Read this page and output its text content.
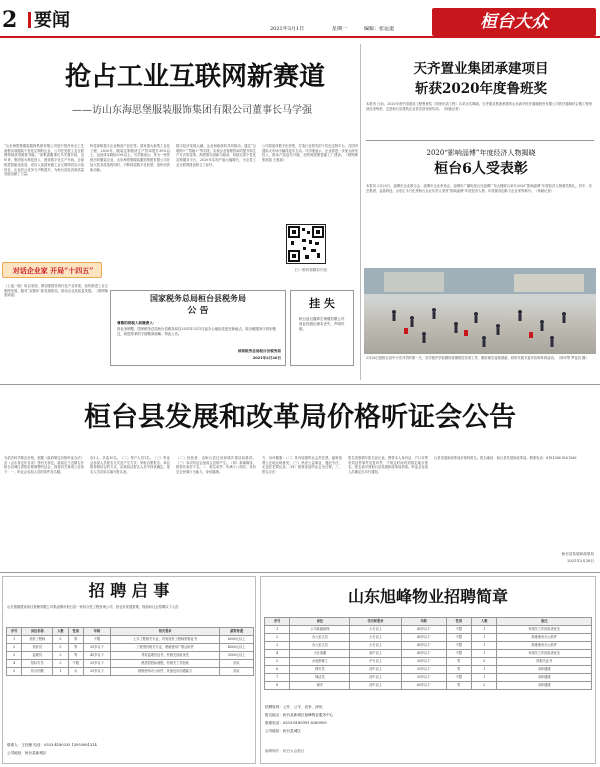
2 要闻	2021年3月1日	星期一	编辑：张运道	桓台大众
抢占工业互联网新赛道
——访山东海思堡服装服饰集团有限公司董事长马学强
“山东海思堡服装服饰集团有限公司是中国首家全工艺流程实现服装个性化定制的企业，公司在发展工业互联网领域获得重要突破。”该集团董事长马学强介绍，近年来，集团加大科技投入，建设数字化生产车间，全面推进智能化改造，成功入选国家级工业互联网试点示范项目，企业综合竞争力不断提升，为桓台县经济高质量发展贡献了力量。
科技部和数字企业制造产业化等。国家重大新型工业化工程、2020年，服装定制板块生产效率提升30%以上，运营成本降低20%以上。马学强表示，作为一家传统纺织服装企业，山东海思堡服装服饰集团有限公司在加大技术改造的同时，不断探索数字化转型，加快培育新动能。
数字经济发展大潮，企业和政府的共同推动，通过“互联网+”“智能+”等手段，实现企业管理效率的提升和生产方式的变革。海思堡以创新为驱动，持续完善个性化定制服务平台，2020年实现产值大幅增长，为全县工业互联网建设树立了标杆。
公司将加快数字化转型，打造行业领先的个性化定制平台，在国内国际大市场中赢得更多主动。马学强表示，企业将进一步加大研发投入，推动产品迭代升级，加快海思堡智能工厂建设。（联网师 张琼瑶 王惠瑶）
扫二维码看精彩内容
对话企业家 开局“十四五”
（上接一版）给以来面、紧加强建设现代化产业体系，加快推进工业互联网发展，服务“双循环”新发展格局，推动企业高质量发展。（联网师 张琼瑶）	国家税务总局桓台县税务局
公 告
尊敬的纳税人和缴费人：
因业务调整，国家税务总局桓台县税务局自2021年3月1日起办公地址变更至新地点，原办税服务厅同步搬迁，给您带来的不便敬请谅解。特此公告。
国家税务总局桓台县税务局
2021年2月26日
挂 失
桓台县巨鑫养生保健有限公司营业执照正副本丢失，声明作废。
天齐置业集团承建项目
斩获2020年度鲁班奖
本报讯 日前，2020年度中国建设工程鲁班奖（国家优质工程）名单正式揭晓。天齐置业集团承建的山东新华医疗器械股份有限公司医疗器械综合楼工程荣获此项殊荣，这是桓台县建筑企业首次获得该奖项。（杨颖记者）
2020“影响淄博”年度经济人物揭晓
桓台6人受表彰
本报讯 2月25日，淄博市企业联合会、淄博市企业家协会、淄博市广播电视台在淄博广电大楼联合举办2020“影响淄博”年度经济人物颁奖典礼。其中，东岳集团、金晶科技、山东汇丰石化等桓台企业负责人荣获“影响淄博”年度经济人物、年度最具创新力企业家等称号。（杨颖记者）
2月26日是桓台县中小学开学的第一天，各学校开学前做好疫情防控各项工作，做好师生返校准备，同时开展丰富多彩的体育活动。（杨可琴 罗佳音 摄）
桓台县发展和改革局价格听证会公告
为依法科学制定价格，根据《政府制定价格听证办法》及《山东省定价目录》等有关规定，我局定于近期召开桓台县城区供热价格调整听证会，现将有关事项公告如下：一、听证会参加人员的条件及名额。
各1人，共选10名。（二）每户人员1名。（三）听证会参加人员报名方式及产生方式：采取自愿报名、单位推荐相结合的方式，由我局从报名人员中择优确定。报名人员应如实填写报名表。
（二）经营者、由桓台县住房和城乡建设局推荐。（三）本次听证会组成人员的产生。（四）新闻媒体，推荐代表若干名。二、报名条件：年满十八周岁，具有完全民事行为能力，身体健康。
力、身体健康；（二）具有较强的社会责任感，能够客观公正地反映意见；（三）热爱公益事业，遵纪守法，无违法犯罪记录；（四）愿意参加听证会全过程。三、报名办法：
报名者需填写报名登记表，携带本人身份证、户口本等有效证件原件及复印件，于规定时间内到指定地点报名。报名表可到桓台县发展和改革局领取。听证会参加人员确定后另行通知。
台县发展和改革局价格科报名。报名地址：桓台县发展和改革局。联系电话：8181568 8161566
桓台县发展和改革局
2021年2月28日
招 聘 启 事
山东瑞德建设项目管理有限公司系淄博市桓台县一家综合性工程咨询公司，因业务发展需要，现面向社会招聘以下人员：
序号	岗位名称	人数	性别	年龄	相关要求	薪资待遇
1	造价工程师	5	男	不限	土木工程相关专业，具有造价工程师资格证书	6000元以上
2	造价员	5	男	35岁以下	工程造价相关专业，熟练使用广联达软件	4000元以上
3	监理员	2	男	45岁以下	具有监理员证书，有相关经验优先	3500元以上
4	招标专员	3	不限	35岁以下	熟悉招投标流程，有相关工作经验	面议
5	综合内勤	1	女	35岁以下	熟练使用办公软件，具备良好沟通能力	面议
联系人：王经理 电话：0533-4180335 13953081314
公司地址：桓台县新城区
山东旭峰物业招聘简章
序号	岗位	学历和要求	年龄	性别	人数	备注
1	公司高级助理	大专以上	45岁以下	不限	1	有相关工作经验者优先
2	办公室文员	大专以上	45岁以下	不限	1	熟练使用办公软件
3	办公室文员	大专以上	45岁以下	不限	1	熟练使用办公软件
4	小区客服	高中以上	45岁以下	不限	1	有相关工作经验者优先
5	水电维修工	中专以上	50岁以下	男	5	持相关证书
6	保安员	初中以上	55岁以下	男	1	身体健康
7	保洁员	初中以上	55岁以下	不限	1	身体健康
8	保安	初中以上	60岁以下	男	2	身体健康
招聘原则：公开、公平、竞争、择优
报名地点：桓台县新城区旭峰物业服务中心
联系电话：0533-8180991 8289959
公司地址：桓台县城区
编辑制作：桓台大众报社
